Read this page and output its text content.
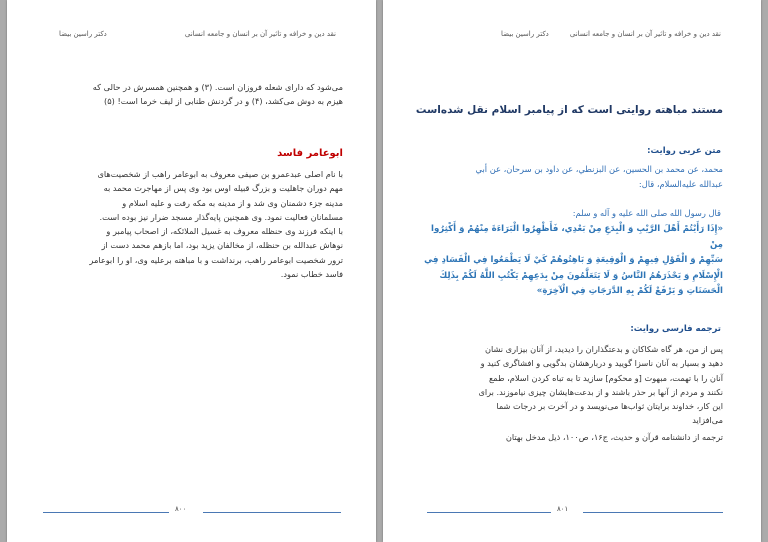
نقد دین و خرافه و تاثیر آن بر انسان و جامعه انسانی
دکتر راسین بیضا
می‌شود که دارای شعله فروزان است. (۳) و همچنین همسرش در حالی که
هیزم به دوش می‌کشد، (۴) و در گردنش طنابی از لیف خرما است! (۵)
ابوعامر فاسد
با نام اصلی عبدعمرو بن صیفی معروف به ابوعامر راهب از شخصیت‌های
مهم دوران جاهلیت و بزرگ قبیله اوس بود وی پس از مهاجرت محمد به
مدینه جزء دشمنان وی شد و از مدینه به مکه رفت و علیه اسلام و
مسلمانان فعالیت نمود. وی همچنین پایه‌گذار مسجد ضرار نیز بوده است.
با اینکه فرزند وی حنظله معروف به غسیل الملائکه، از اصحاب پیامبر و
نوهاش عبدالله بن حنظله، از مخالفان یزید بود، اما بازهم محمد دست از
ترور شخصیت ابوعامر راهب، برنداشت و با مباهته برعلیه وی، او را ابوعامر
فاسد خطاب نمود.
۸۰۰
نقد دین و خرافه و تاثیر آن بر انسان و جامعه انسانی
دکتر راسین بیضا
مستند مباهته روایتی است که از پیامبر اسلام نقل شده‌است
متن عربی روایت:
محمد، عن محمد بن الحسين، عن البزنطي، عن داود بن سرحان، عن أبي
عبدالله عليه‌السلام، قال:
قال رسول الله صلى الله عليه و آله و سلم:
«إِذَا رَأَيْتُمْ أَهْلَ الرَّيْبِ وَ الْبِدَعِ مِنْ بَعْدِي، فَأَظْهِرُوا الْبَرَاءَةَ مِنْهُمْ وَ أَكْثِرُوا مِنْ
سَبِّهِمْ وَ الْقَوْلِ فِيهِمْ وَ الْوَقِيعَةِ وَ بَاهِتُوهُمْ كَيْ لَا يَطْمَعُوا فِي الْفَسَادِ فِي
الْإِسْلَامِ وَ يَحْذَرَهُمُ النَّاسُ وَ لَا يَتَعَلَّمُونَ مِنْ بِدَعِهِمْ يَكْتُبِ اللَّهُ لَكُمْ بِذَلِكَ
الْحَسَنَاتِ وَ يَرْفَعْ لَكُمْ بِهِ الدَّرَجَاتِ فِي الْآخِرَةِ»
ترجمه فارسی روایت:
پس از من، هر گاه شکاکان و بدعتگذاران را دیدید، از آنان بیزاری نشان
دهید و بسیار به آنان ناسزا گویید و دربارهشان بدگویی و افشاگری کنید و
آنان را با تهمت، مبهوت [و محکوم] سازید تا به تباه کردن اسلام، طمع
نکنند و مردم از آنها بر حذر باشند و از بدعت‌هایشان چیزی نیاموزند. برای
این کار، خداوند برایتان ثواب‌ها می‌نویسد و در آخرت بر درجات شما
می‌افزاید
ترجمه از دانشنامه قرآن و حدیث، ج۱۶، ص۱۰۰، ذیل مدخل بهتان
۸۰۱
